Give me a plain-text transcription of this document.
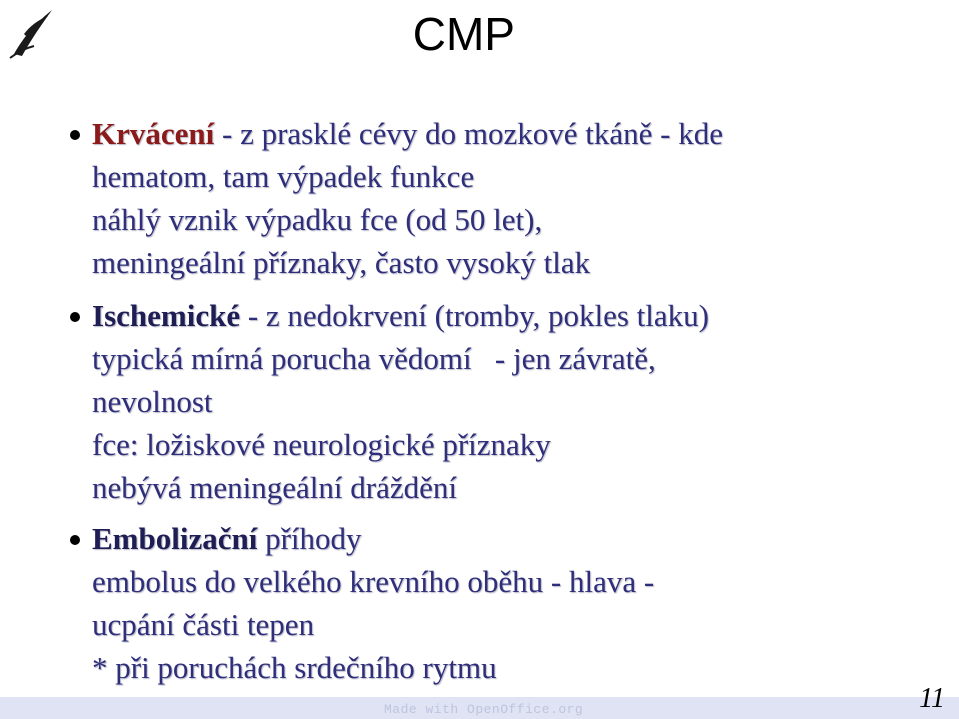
CMP
Krvácení - z prasklé cévy do mozkové tkáně - kde
hematom, tam výpadek funkce
náhlý vznik výpadku fce (od 50 let),
meningeální příznaky, často vysoký tlak
Ischemické - z nedokrvení (tromby, pokles tlaku)
typická mírná porucha vědomí   - jen závratě,
nevolnost
fce: ložiskové neurologické příznaky
nebývá meningeální dráždění
Embolizační příhody
embolus do velkého krevního oběhu - hlava -
ucpání části tepen
* při poruchách srdečního rytmu
Made with OpenOffice.org	11
